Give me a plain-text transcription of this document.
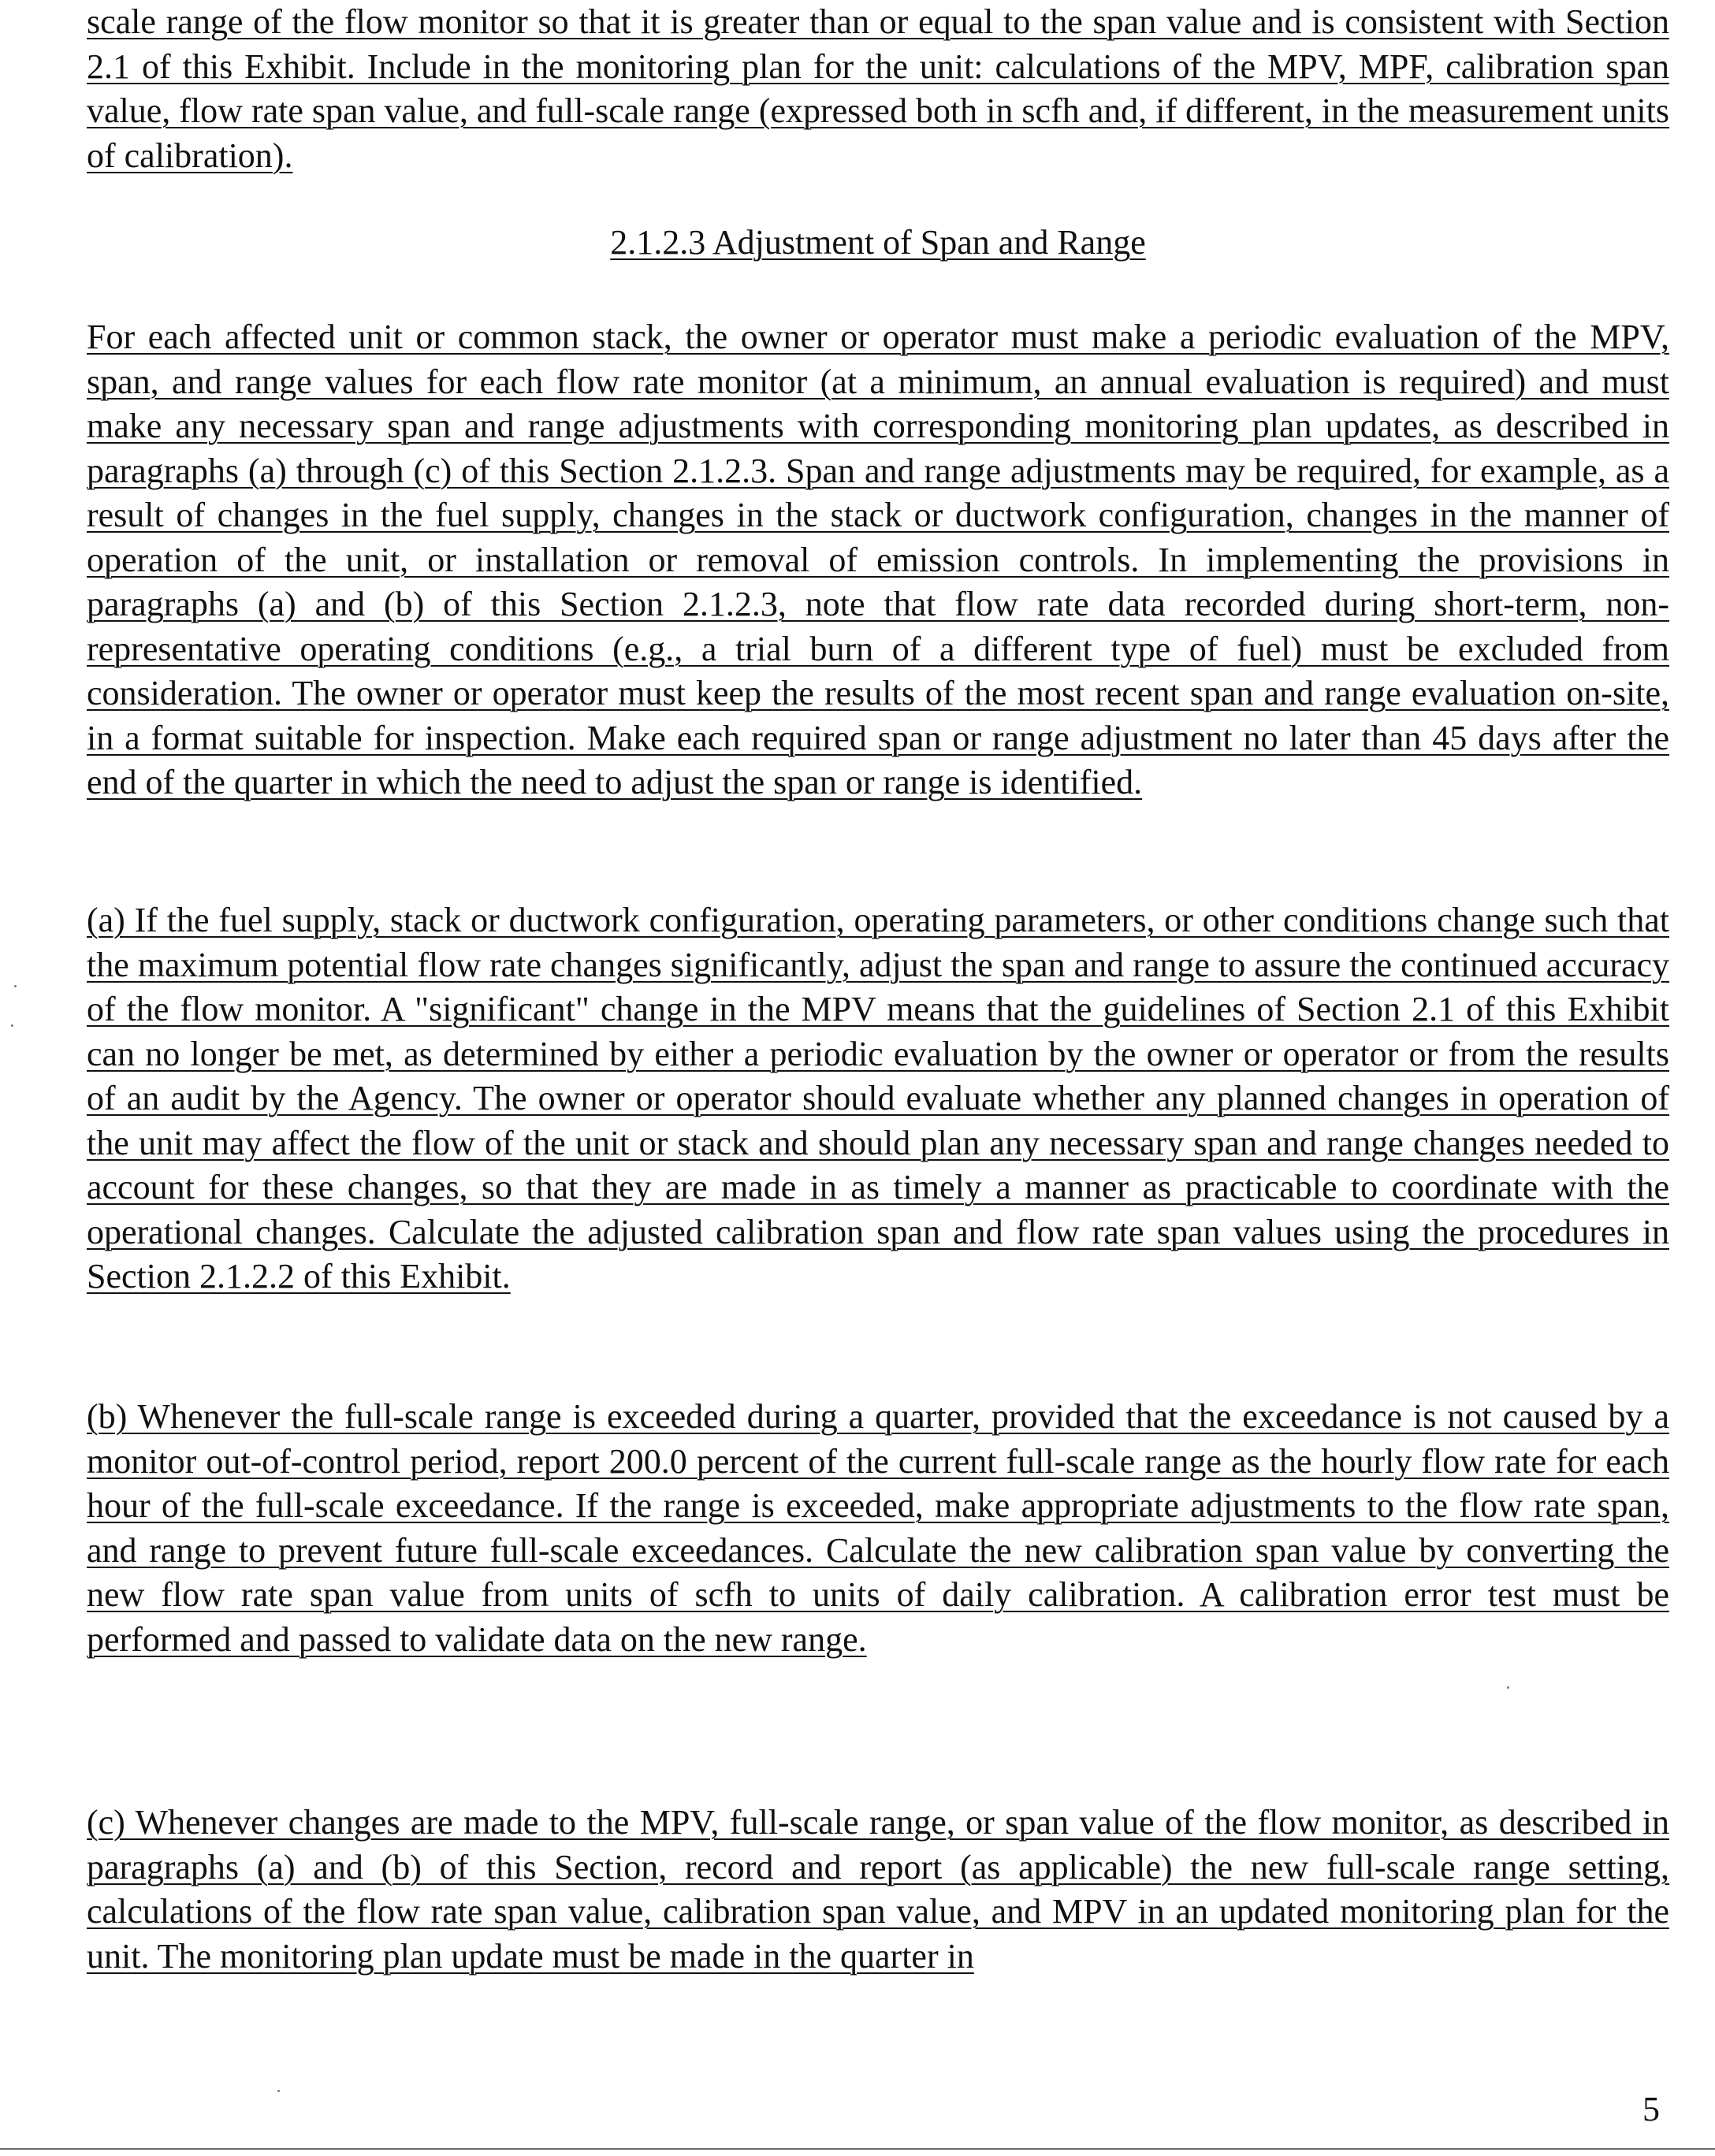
scale range of the flow monitor so that it is greater than or equal to the span value and is consistent with Section 2.1 of this Exhibit. Include in the monitoring plan for the unit: calculations of the MPV, MPF, calibration span value, flow rate span value, and full-scale range (expressed both in scfh and, if different, in the measurement units of calibration).

2.1.2.3 Adjustment of Span and Range

For each affected unit or common stack, the owner or operator must make a periodic evaluation of the MPV, span, and range values for each flow rate monitor (at a minimum, an annual evaluation is required) and must make any necessary span and range adjustments with corresponding monitoring plan updates, as described in paragraphs (a) through (c) of this Section 2.1.2.3. Span and range adjustments may be required, for example, as a result of changes in the fuel supply, changes in the stack or ductwork configuration, changes in the manner of operation of the unit, or installation or removal of emission controls. In implementing the provisions in paragraphs (a) and (b) of this Section 2.1.2.3, note that flow rate data recorded during short-term, non-representative operating conditions (e.g., a trial burn of a different type of fuel) must be excluded from consideration. The owner or operator must keep the results of the most recent span and range evaluation on-site, in a format suitable for inspection. Make each required span or range adjustment no later than 45 days after the end of the quarter in which the need to adjust the span or range is identified.

(a) If the fuel supply, stack or ductwork configuration, operating parameters, or other conditions change such that the maximum potential flow rate changes significantly, adjust the span and range to assure the continued accuracy of the flow monitor. A "significant" change in the MPV means that the guidelines of Section 2.1 of this Exhibit can no longer be met, as determined by either a periodic evaluation by the owner or operator or from the results of an audit by the Agency. The owner or operator should evaluate whether any planned changes in operation of the unit may affect the flow of the unit or stack and should plan any necessary span and range changes needed to account for these changes, so that they are made in as timely a manner as practicable to coordinate with the operational changes. Calculate the adjusted calibration span and flow rate span values using the procedures in Section 2.1.2.2 of this Exhibit.

(b) Whenever the full-scale range is exceeded during a quarter, provided that the exceedance is not caused by a monitor out-of-control period, report 200.0 percent of the current full-scale range as the hourly flow rate for each hour of the full-scale exceedance. If the range is exceeded, make appropriate adjustments to the flow rate span, and range to prevent future full-scale exceedances. Calculate the new calibration span value by converting the new flow rate span value from units of scfh to units of daily calibration. A calibration error test must be performed and passed to validate data on the new range.

(c) Whenever changes are made to the MPV, full-scale range, or span value of the flow monitor, as described in paragraphs (a) and (b) of this Section, record and report (as applicable) the new full-scale range setting, calculations of the flow rate span value, calibration span value, and MPV in an updated monitoring plan for the unit. The monitoring plan update must be made in the quarter in

5
